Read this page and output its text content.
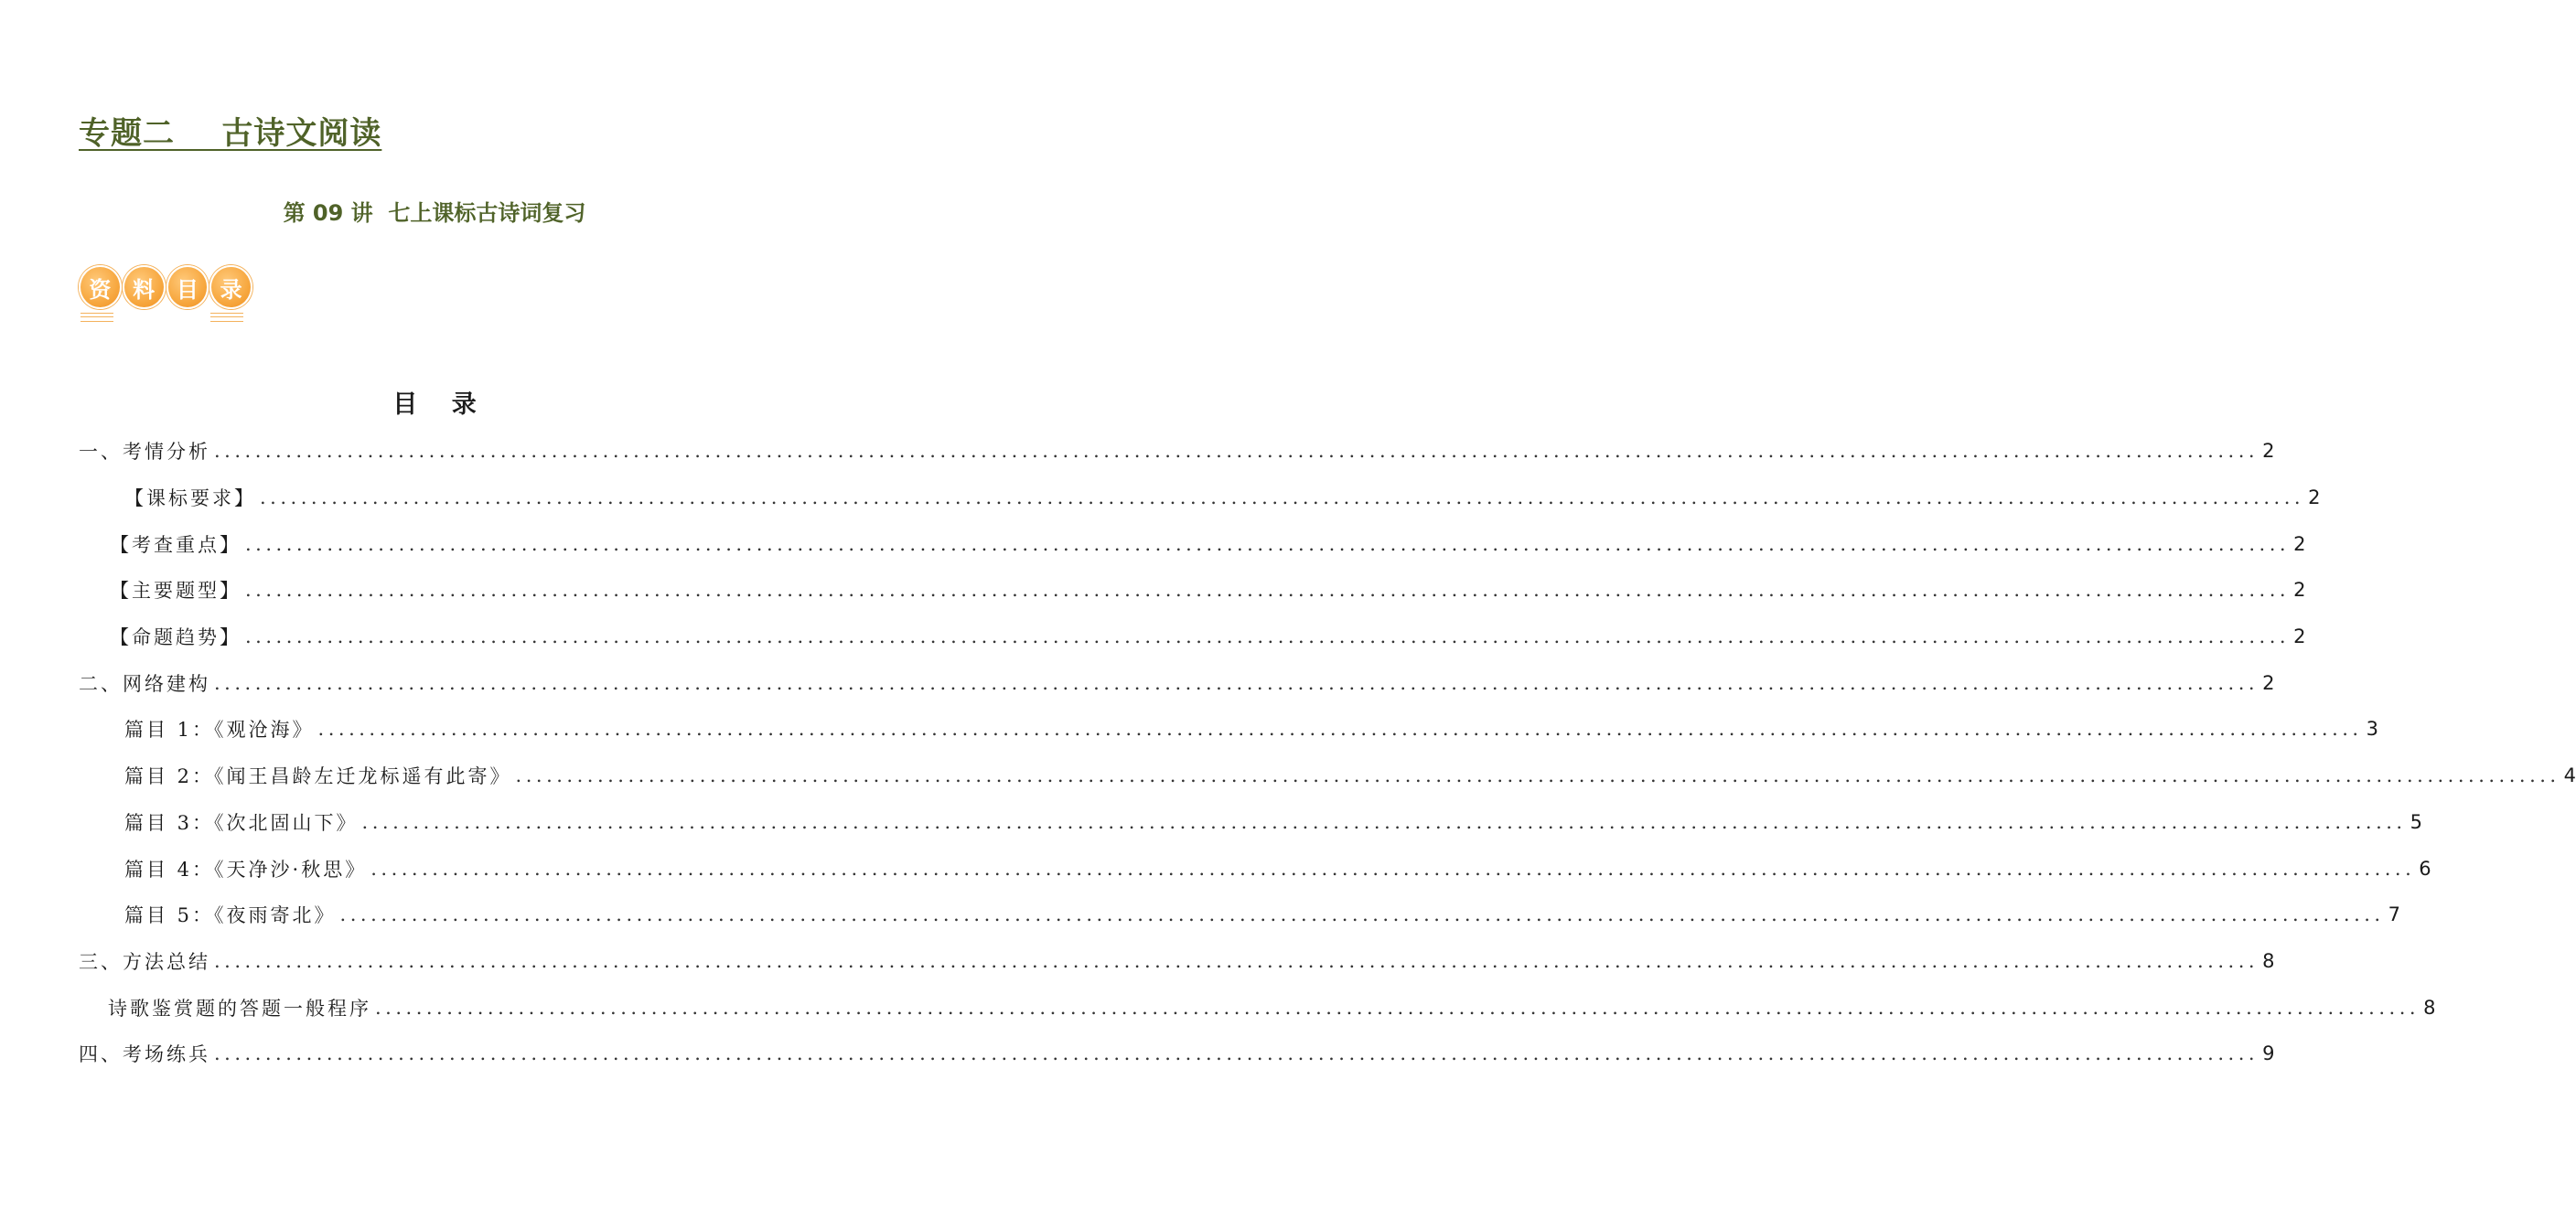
专题二    古诗文阅读
第 09 讲  七上课标古诗词复习
资 料 目 录
目    录
一、考情分析 ........................................................................................................................................................................................................ 2
【课标要求】 ........................................................................................................................................................................................................ 2
【考查重点】 ........................................................................................................................................................................................................ 2
【主要题型】 ........................................................................................................................................................................................................ 2
【命题趋势】 ........................................................................................................................................................................................................ 2
二、网络建构 ........................................................................................................................................................................................................ 2
篇目 1：《观沧海》 ........................................................................................................................................................................................................ 3
篇目 2：《闻王昌龄左迁龙标遥有此寄》 ........................................................................................................................................................................................................ 4
篇目 3：《次北固山下》 ........................................................................................................................................................................................................ 5
篇目 4：《天净沙·秋思》 ........................................................................................................................................................................................................ 6
篇目 5：《夜雨寄北》 ........................................................................................................................................................................................................ 7
三、方法总结 ........................................................................................................................................................................................................ 8
诗歌鉴赏题的答题一般程序 ........................................................................................................................................................................................................ 8
四、考场练兵 ........................................................................................................................................................................................................ 9
